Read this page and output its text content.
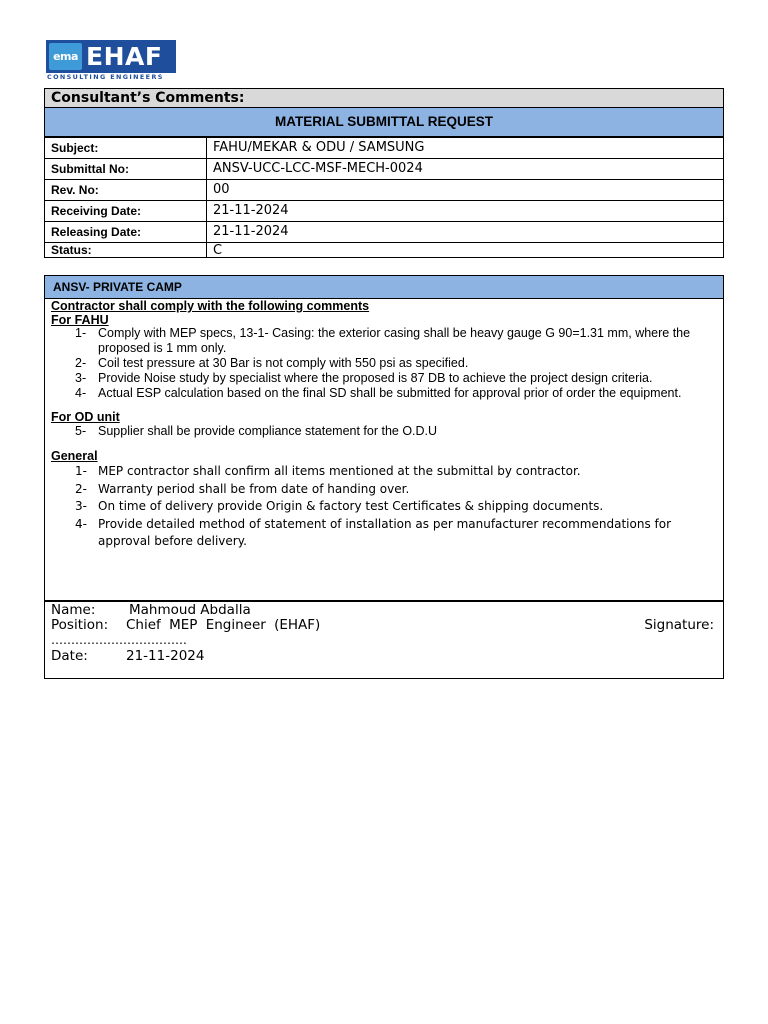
ema EHAF
CONSULTING ENGINEERS
Consultant’s Comments:
MATERIAL SUBMITTAL REQUEST
Subject:	FAHU/MEKAR & ODU / SAMSUNG
Submittal No:	ANSV-UCC-LCC-MSF-MECH-0024
Rev. No:	00
Receiving Date:	21-11-2024
Releasing Date:	21-11-2024
Status:	C
ANSV- PRIVATE CAMP
Contractor shall comply with the following comments
For FAHU
1- Comply with MEP specs, 13-1- Casing: the exterior casing shall be heavy gauge G 90=1.31 mm, where the proposed is 1 mm only.
2- Coil test pressure at 30 Bar is not comply with 550 psi as specified.
3- Provide Noise study by specialist where the proposed is 87 DB to achieve the project design criteria.
4- Actual ESP calculation based on the final SD shall be submitted for approval prior of order the equipment.
For OD unit
5- Supplier shall be provide compliance statement for the O.D.U
General
1- MEP contractor shall confirm all items mentioned at the submittal by contractor.
2- Warranty period shall be from date of handing over.
3- On time of delivery provide Origin & factory test Certificates & shipping documents.
4- Provide detailed method of statement of installation as per manufacturer recommendations for approval before delivery.
Name: Mahmoud Abdalla
Position: Chief MEP Engineer (EHAF)	Signature:
…………………………….
Date:	21-11-2024
